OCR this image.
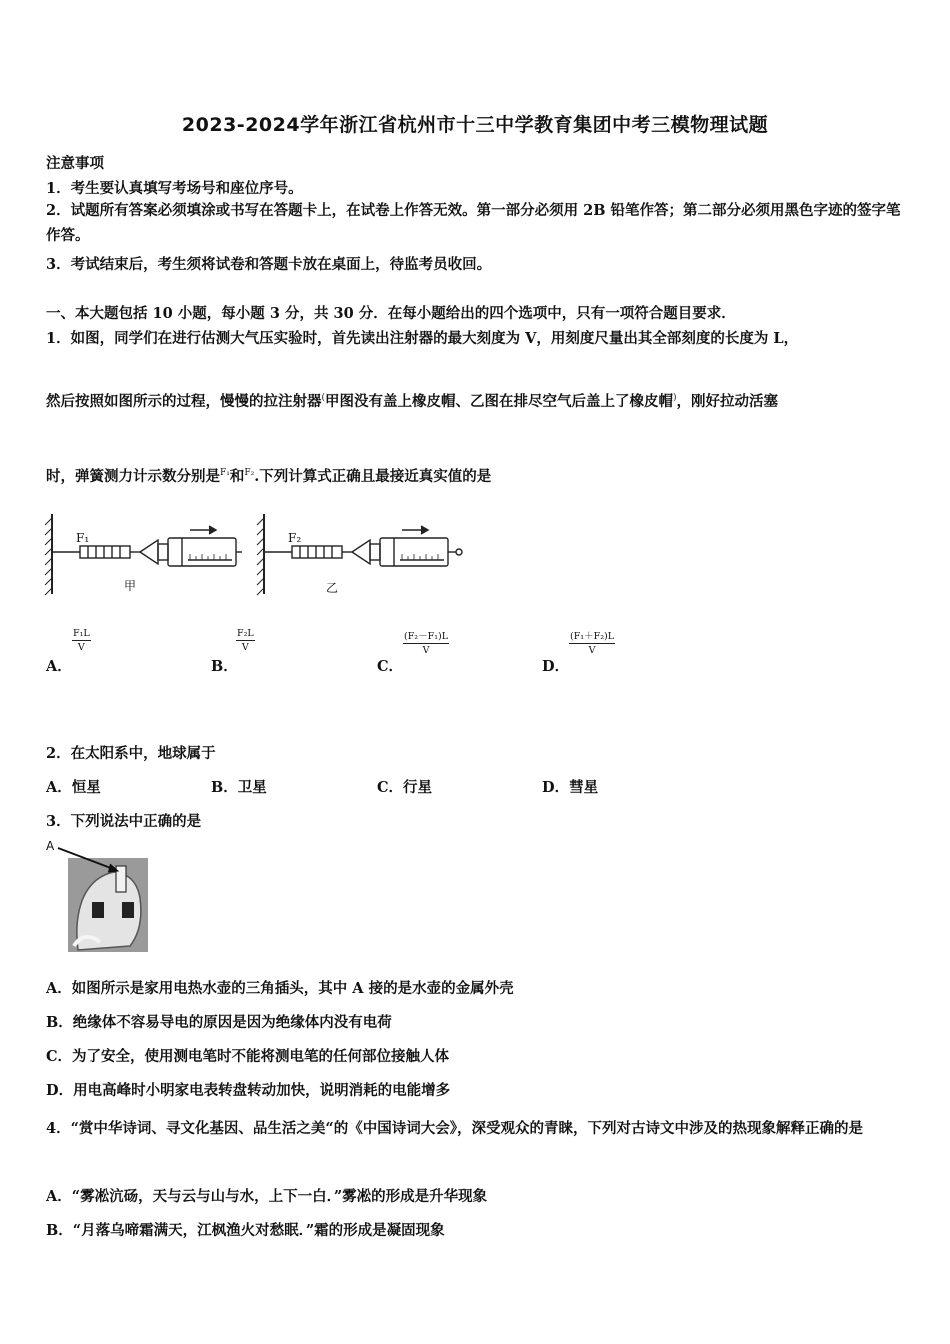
2023-2024学年浙江省杭州市十三中学教育集团中考三模物理试题
注意事项
1．考生要认真填写考场号和座位序号。
2．试题所有答案必须填涂或书写在答题卡上，在试卷上作答无效。第一部分必须用 2B 铅笔作答；第二部分必须用黑色字迹的签字笔作答。
3．考试结束后，考生须将试卷和答题卡放在桌面上，待监考员收回。
一、本大题包括 10 小题，每小题 3 分，共 30 分．在每小题给出的四个选项中，只有一项符合题目要求．
1．如图，同学们在进行估测大气压实验时，首先读出注射器的最大刻度为 V，用刻度尺量出其全部刻度的长度为 L，
然后按照如图所示的过程，慢慢的拉注射器(甲图没有盖上橡皮帽、乙图在排尽空气后盖上了橡皮帽)，刚好拉动活塞
时，弹簧测力计示数分别是$^{F_1}$和$^{F_2}$.下列计算式正确且最接近真实值的是
F₁
甲
F₂
乙
A．
$\frac{\text{F₁L}}{V}$
B．
$\frac{\text{F₂L}}{V}$
C．
$\frac{\text{(F₂－F₁)L}}{V}$
D．
$\frac{\text{(F₁＋F₂)L}}{V}$
2．在太阳系中，地球属于
A．恒星	B．卫星	C．行星	D．彗星
3．下列说法中正确的是
A
A．如图所示是家用电热水壶的三角插头，其中 A 接的是水壶的金属外壳
B．绝缘体不容易导电的原因是因为绝缘体内没有电荷
C．为了安全，使用测电笔时不能将测电笔的任何部位接触人体
D．用电高峰时小明家电表转盘转动加快，说明消耗的电能增多
4．“赏中华诗词、寻文化基因、品生活之美“的《中国诗词大会》，深受观众的青睐，下列对古诗文中涉及的热现象解释正确的是
A．“雾凇沆砀，天与云与山与水，上下一白．”雾凇的形成是升华现象
B．“月落乌啼霜满天，江枫渔火对愁眠．”霜的形成是凝固现象
